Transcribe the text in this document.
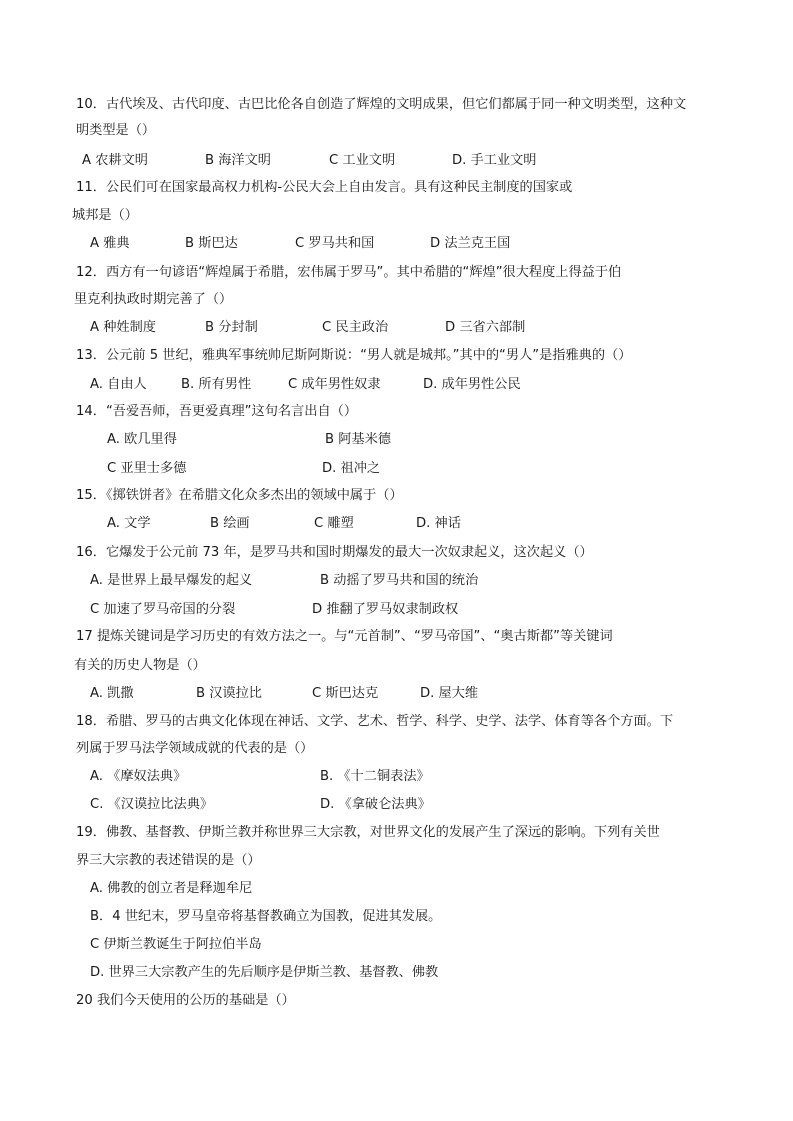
10．古代埃及、古代印度、古巴比伦各自创造了辉煌的文明成果，但它们都属于同一种文明类型，这种文
明类型是（）
A 农耕文明	B 海洋文明	C 工业文明	D. 手工业文明
11．公民们可在国家最高权力机构-公民大会上自由发言。具有这种民主制度的国家或
城邦是（）
A 雅典	B 斯巴达	C 罗马共和国	D 法兰克王国
12．西方有一句谚语“辉煌属于希腊，宏伟属于罗马”。其中希腊的“辉煌”很大程度上得益于伯
里克利执政时期完善了（）
A 种姓制度	B 分封制	C 民主政治	D 三省六部制
13．公元前 5 世纪，雅典军事统帅尼斯阿斯说：“男人就是城邦。”其中的“男人”是指雅典的（）
A. 自由人	B. 所有男性	C 成年男性奴隶	D. 成年男性公民
14．“吾爱吾师，吾更爱真理”这句名言出自（）
A. 欧几里得	B 阿基米德
C 亚里士多德	D. 祖冲之
15．《掷铁饼者》在希腊文化众多杰出的领域中属于（）
A. 文学	B 绘画	C 雕塑	D. 神话
16．它爆发于公元前 73 年，是罗马共和国时期爆发的最大一次奴隶起义，这次起义（）
A. 是世界上最早爆发的起义	B 动摇了罗马共和国的统治
C 加速了罗马帝国的分裂	D 推翻了罗马奴隶制政权
17 提炼关键词是学习历史的有效方法之一。与“元首制”、“罗马帝国”、“奥古斯都”等关键词
有关的历史人物是（）
A. 凯撒	B 汉谟拉比	C 斯巴达克	D. 屋大维
18．希腊、罗马的古典文化体现在神话、文学、艺术、哲学、科学、史学、法学、体育等各个方面。下
列属于罗马法学领域成就的代表的是（）
A. 《摩奴法典》	B. 《十二铜表法》
C. 《汉谟拉比法典》	D. 《拿破仑法典》
19．佛教、基督教、伊斯兰教并称世界三大宗教，对世界文化的发展产生了深远的影响。下列有关世
界三大宗教的表述错误的是（）
A. 佛教的创立者是释迦牟尼
B．4 世纪末，罗马皇帝将基督教确立为国教，促进其发展。
C 伊斯兰教诞生于阿拉伯半岛
D. 世界三大宗教产生的先后顺序是伊斯兰教、基督教、佛教
20 我们今天使用的公历的基础是（）
